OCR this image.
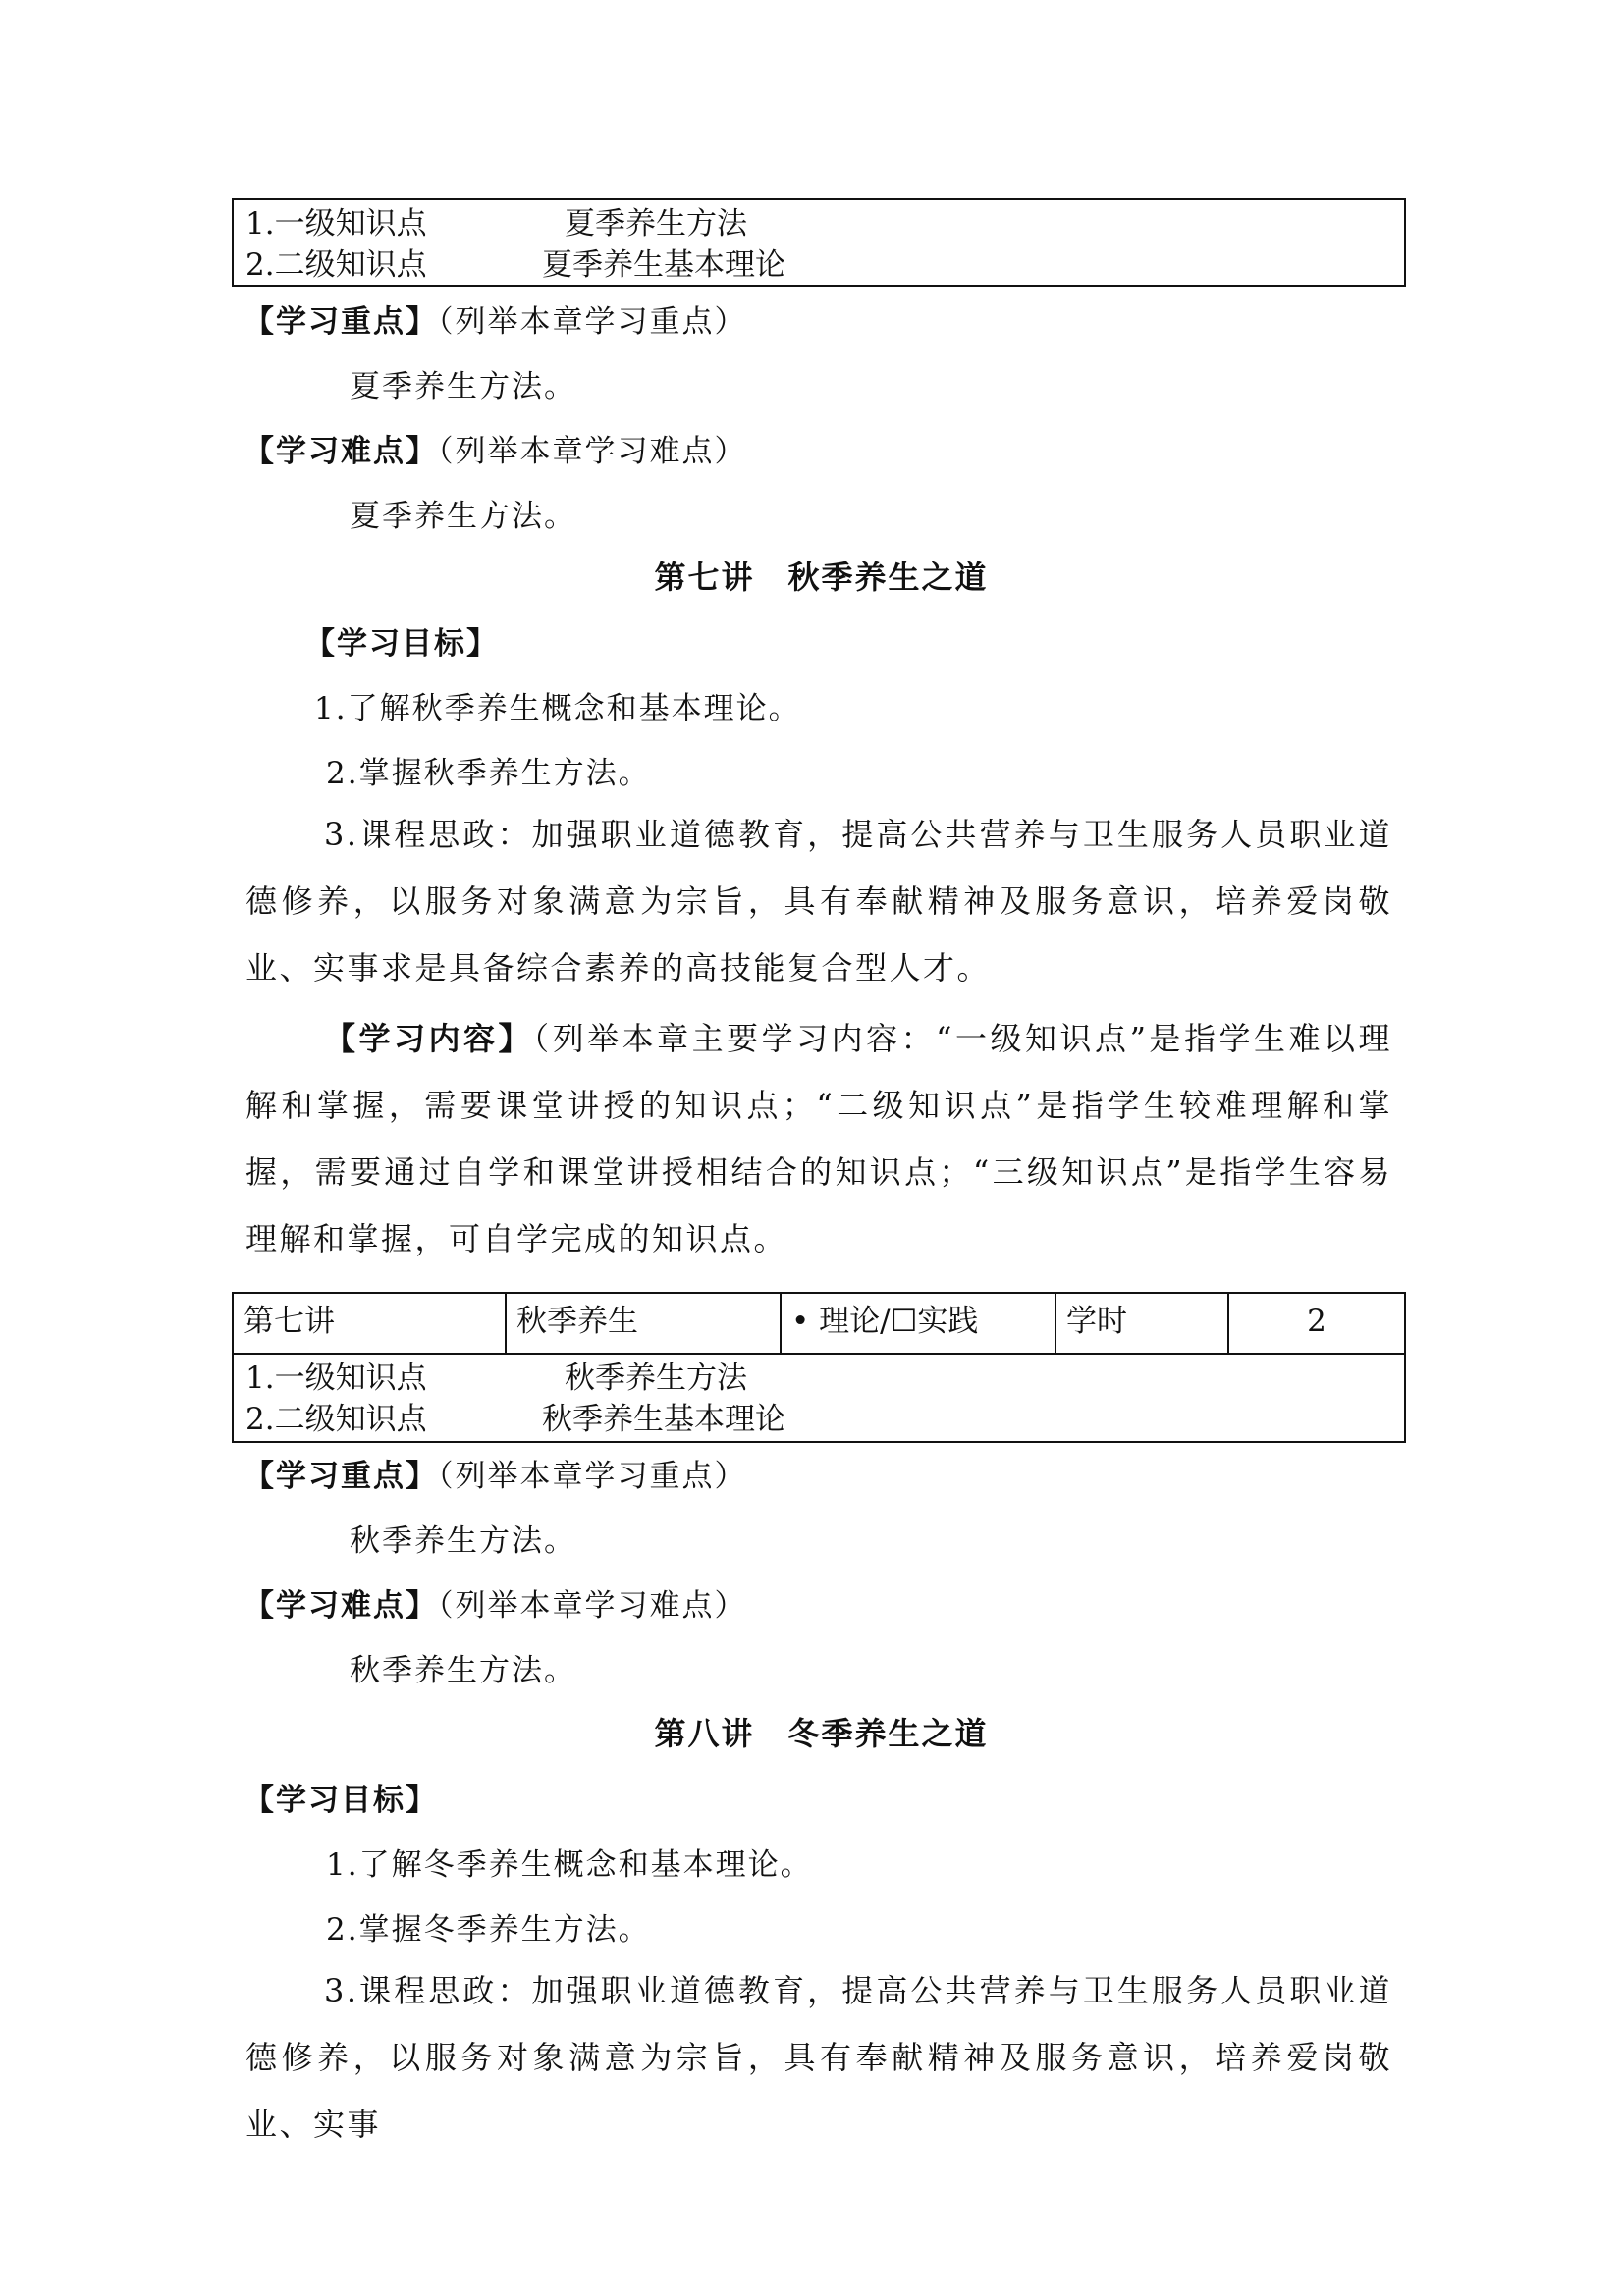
1.一级知识点	夏季养生方法
2.二级知识点	夏季养生基本理论
【学习重点】（列举本章学习重点）
夏季养生方法。
【学习难点】（列举本章学习难点）
夏季养生方法。
第七讲　秋季养生之道
【学习目标】
1.了解秋季养生概念和基本理论。
2.掌握秋季养生方法。

3.课程思政：加强职业道德教育，提高公共营养与卫生服务人员职业道德修养，以服务对象满意为宗旨，具有奉献精神及服务意识，培养爱岗敬业、实事求是具备综合素养的高技能复合型人才。

【学习内容】（列举本章主要学习内容：“一级知识点”是指学生难以理解和掌握，需要课堂讲授的知识点；“二级知识点”是指学生较难理解和掌握，需要通过自学和课堂讲授相结合的知识点；“三级知识点”是指学生容易理解和掌握，可自学完成的知识点。

第七讲	秋季养生	• 理论/☐实践	学时	2
1.一级知识点	秋季养生方法
2.二级知识点	秋季养生基本理论
【学习重点】（列举本章学习重点）
秋季养生方法。
【学习难点】（列举本章学习难点）
秋季养生方法。
第八讲　冬季养生之道
【学习目标】
1.了解冬季养生概念和基本理论。
2.掌握冬季养生方法。

3.课程思政：加强职业道德教育，提高公共营养与卫生服务人员职业道德修养，以服务对象满意为宗旨，具有奉献精神及服务意识，培养爱岗敬业、实事
